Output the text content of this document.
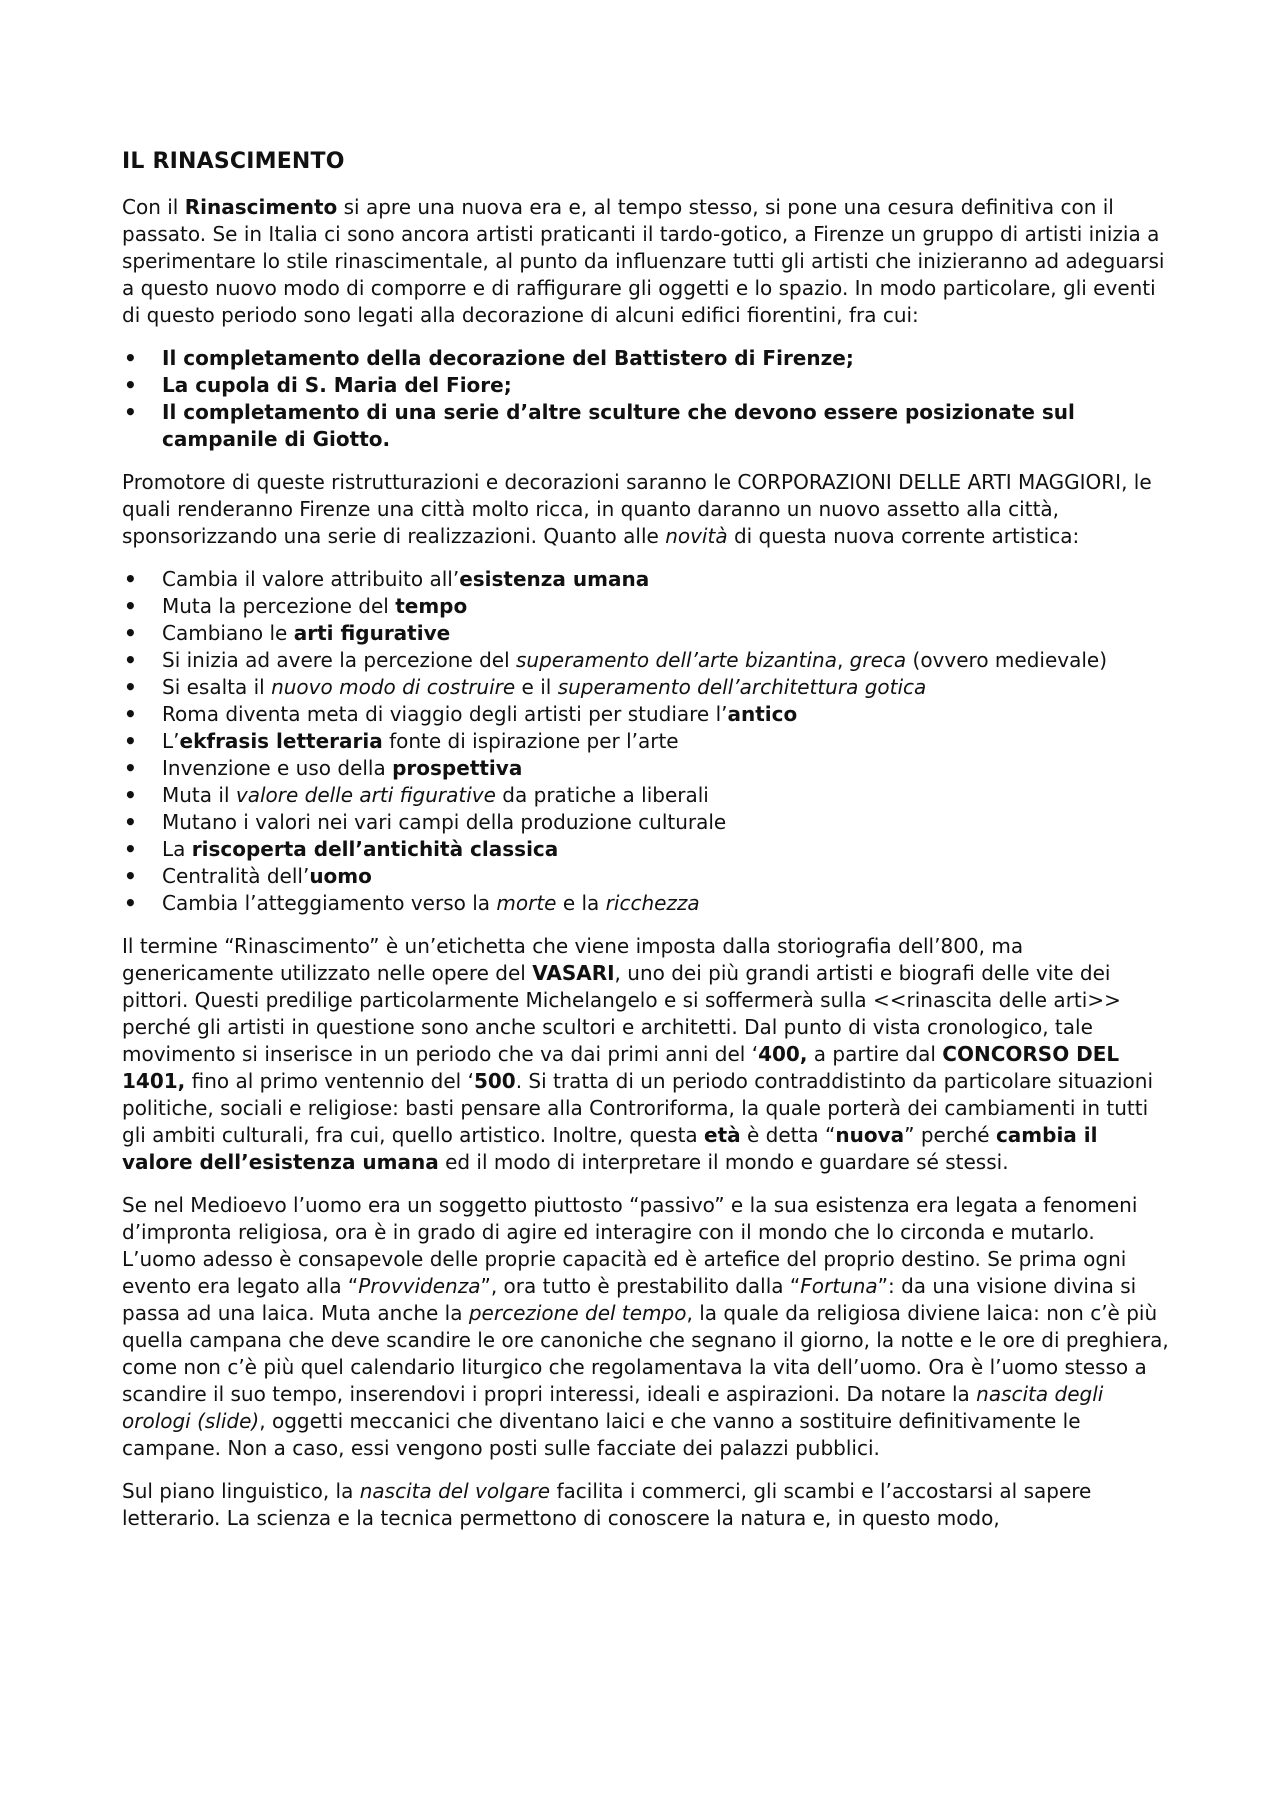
IL RINASCIMENTO

Con il Rinascimento si apre una nuova era e, al tempo stesso, si pone una cesura definitiva con il passato. Se in Italia ci sono ancora artisti praticanti il tardo-gotico, a Firenze un gruppo di artisti inizia a sperimentare lo stile rinascimentale, al punto da influenzare tutti gli artisti che inizieranno ad adeguarsi a questo nuovo modo di comporre e di raffigurare gli oggetti e lo spazio. In modo particolare, gli eventi di questo periodo sono legati alla decorazione di alcuni edifici fiorentini, fra cui:

• Il completamento della decorazione del Battistero di Firenze;
• La cupola di S. Maria del Fiore;
• Il completamento di una serie d’altre sculture che devono essere posizionate sul campanile di Giotto.

Promotore di queste ristrutturazioni e decorazioni saranno le CORPORAZIONI DELLE ARTI MAGGIORI, le quali renderanno Firenze una città molto ricca, in quanto daranno un nuovo assetto alla città, sponsorizzando una serie di realizzazioni. Quanto alle novità di questa nuova corrente artistica:

• Cambia il valore attribuito all’esistenza umana
• Muta la percezione del tempo
• Cambiano le arti figurative
• Si inizia ad avere la percezione del superamento dell’arte bizantina, greca (ovvero medievale)
• Si esalta il nuovo modo di costruire e il superamento dell’architettura gotica
• Roma diventa meta di viaggio degli artisti per studiare l’antico
• L’ekfrasis letteraria fonte di ispirazione per l’arte
• Invenzione e uso della prospettiva
• Muta il valore delle arti figurative da pratiche a liberali
• Mutano i valori nei vari campi della produzione culturale
• La riscoperta dell’antichità classica
• Centralità dell’uomo
• Cambia l’atteggiamento verso la morte e la ricchezza

Il termine “Rinascimento” è un’etichetta che viene imposta dalla storiografia dell’800, ma genericamente utilizzato nelle opere del VASARI, uno dei più grandi artisti e biografi delle vite dei pittori. Questi predilige particolarmente Michelangelo e si soffermerà sulla <<rinascita delle arti>> perché gli artisti in questione sono anche scultori e architetti. Dal punto di vista cronologico, tale movimento si inserisce in un periodo che va dai primi anni del ‘400, a partire dal CONCORSO DEL 1401, fino al primo ventennio del ‘500. Si tratta di un periodo contraddistinto da particolare situazioni politiche, sociali e religiose: basti pensare alla Controriforma, la quale porterà dei cambiamenti in tutti gli ambiti culturali, fra cui, quello artistico. Inoltre, questa età è detta “nuova” perché cambia il valore dell’esistenza umana ed il modo di interpretare il mondo e guardare sé stessi.

Se nel Medioevo l’uomo era un soggetto piuttosto “passivo” e la sua esistenza era legata a fenomeni d’impronta religiosa, ora è in grado di agire ed interagire con il mondo che lo circonda e mutarlo. L’uomo adesso è consapevole delle proprie capacità ed è artefice del proprio destino. Se prima ogni evento era legato alla “Provvidenza”, ora tutto è prestabilito dalla “Fortuna”: da una visione divina si passa ad una laica. Muta anche la percezione del tempo, la quale da religiosa diviene laica: non c’è più quella campana che deve scandire le ore canoniche che segnano il giorno, la notte e le ore di preghiera, come non c’è più quel calendario liturgico che regolamentava la vita dell’uomo. Ora è l’uomo stesso a scandire il suo tempo, inserendovi i propri interessi, ideali e aspirazioni. Da notare la nascita degli orologi (slide), oggetti meccanici che diventano laici e che vanno a sostituire definitivamente le campane. Non a caso, essi vengono posti sulle facciate dei palazzi pubblici.

Sul piano linguistico, la nascita del volgare facilita i commerci, gli scambi e l’accostarsi al sapere letterario. La scienza e la tecnica permettono di conoscere la natura e, in questo modo,
